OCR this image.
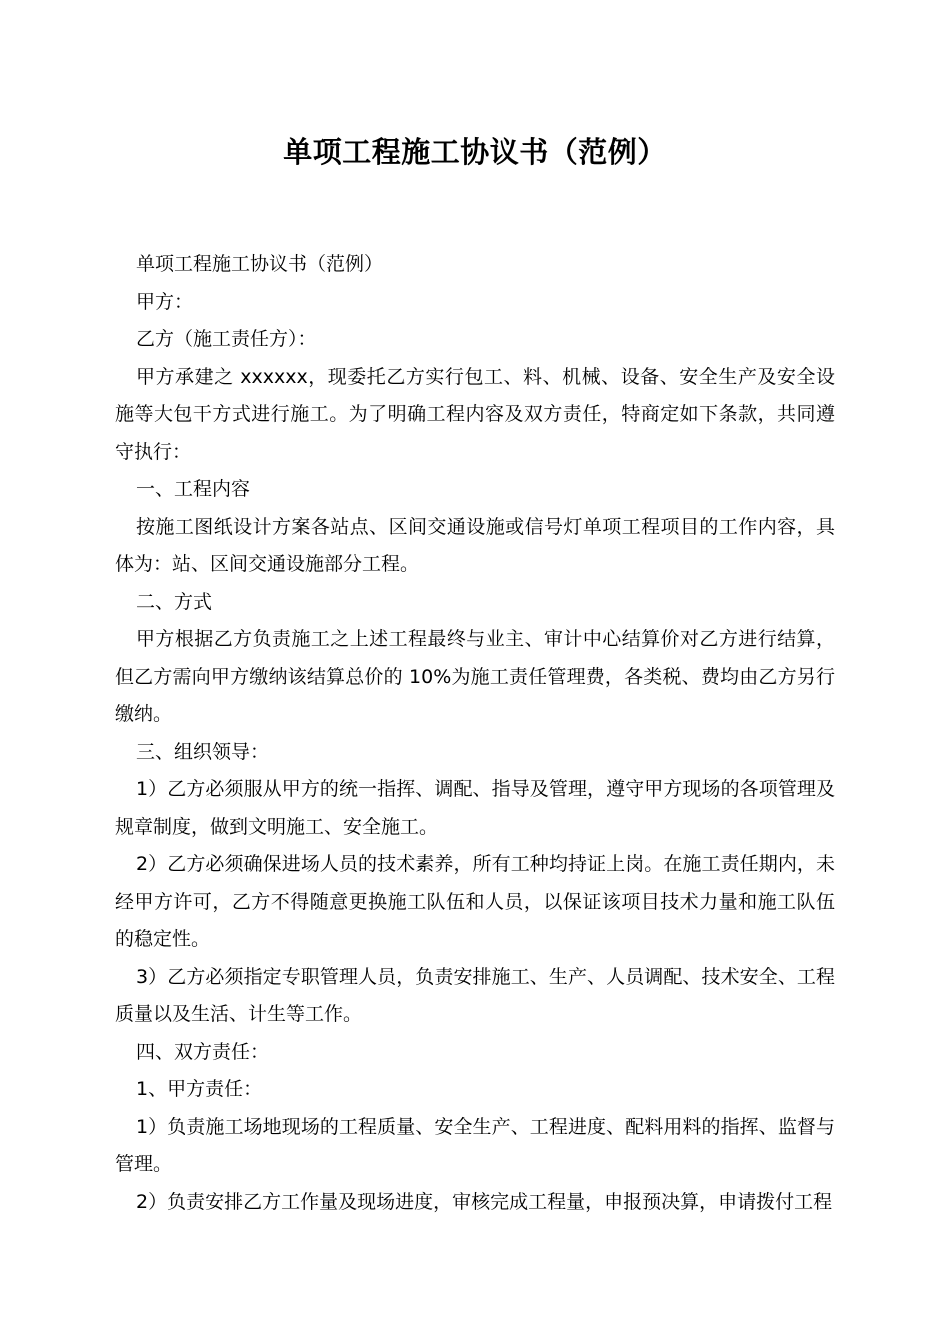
单项工程施工协议书（范例）

单项工程施工协议书（范例）

甲方：

乙方（施工责任方）：

甲方承建之 xxxxxx，现委托乙方实行包工、料、机械、设备、安全生产及安全设施等大包干方式进行施工。为了明确工程内容及双方责任，特商定如下条款，共同遵守执行：

一、工程内容

按施工图纸设计方案各站点、区间交通设施或信号灯单项工程项目的工作内容，具体为：站、区间交通设施部分工程。

二、方式

甲方根据乙方负责施工之上述工程最终与业主、审计中心结算价对乙方进行结算，但乙方需向甲方缴纳该结算总价的 10%为施工责任管理费，各类税、费均由乙方另行缴纳。

三、组织领导：

1）乙方必须服从甲方的统一指挥、调配、指导及管理，遵守甲方现场的各项管理及规章制度，做到文明施工、安全施工。

2）乙方必须确保进场人员的技术素养，所有工种均持证上岗。在施工责任期内，未经甲方许可，乙方不得随意更换施工队伍和人员，以保证该项目技术力量和施工队伍的稳定性。

3）乙方必须指定专职管理人员，负责安排施工、生产、人员调配、技术安全、工程质量以及生活、计生等工作。

四、双方责任：

1、甲方责任：

1）负责施工场地现场的工程质量、安全生产、工程进度、配料用料的指挥、监督与管理。

2）负责安排乙方工作量及现场进度，审核完成工程量，申报预决算，申请拨付工程
